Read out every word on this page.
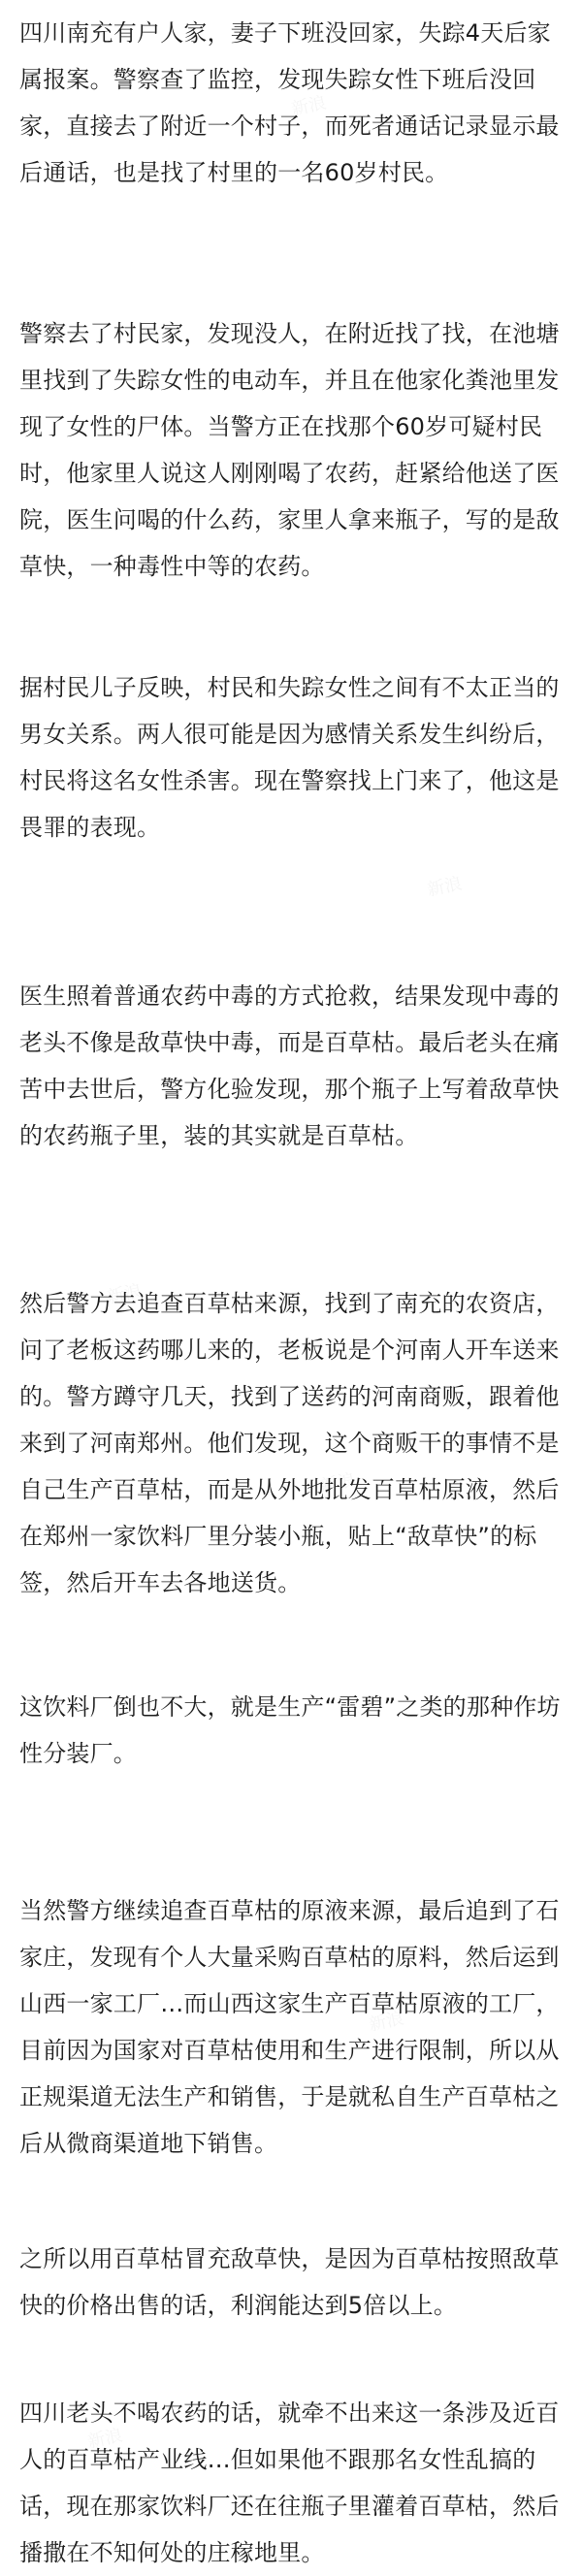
四川南充有户人家，妻子下班没回家，失踪4天后家属报案。警察查了监控，发现失踪女性下班后没回家，直接去了附近一个村子，而死者通话记录显示最后通话，也是找了村里的一名60岁村民。

警察去了村民家，发现没人，在附近找了找，在池塘里找到了失踪女性的电动车，并且在他家化粪池里发现了女性的尸体。当警方正在找那个60岁可疑村民时，他家里人说这人刚刚喝了农药，赶紧给他送了医院，医生问喝的什么药，家里人拿来瓶子，写的是敌草快，一种毒性中等的农药。

据村民儿子反映，村民和失踪女性之间有不太正当的男女关系。两人很可能是因为感情关系发生纠纷后，村民将这名女性杀害。现在警察找上门来了，他这是畏罪的表现。

医生照着普通农药中毒的方式抢救，结果发现中毒的老头不像是敌草快中毒，而是百草枯。最后老头在痛苦中去世后，警方化验发现，那个瓶子上写着敌草快的农药瓶子里，装的其实就是百草枯。

然后警方去追查百草枯来源，找到了南充的农资店，问了老板这药哪儿来的，老板说是个河南人开车送来的。警方蹲守几天，找到了送药的河南商贩，跟着他来到了河南郑州。他们发现，这个商贩干的事情不是自己生产百草枯，而是从外地批发百草枯原液，然后在郑州一家饮料厂里分装小瓶，贴上“敌草快”的标签，然后开车去各地送货。

这饮料厂倒也不大，就是生产“雷碧”之类的那种作坊性分装厂。

当然警方继续追查百草枯的原液来源，最后追到了石家庄，发现有个人大量采购百草枯的原料，然后运到山西一家工厂…而山西这家生产百草枯原液的工厂，目前因为国家对百草枯使用和生产进行限制，所以从正规渠道无法生产和销售，于是就私自生产百草枯之后从微商渠道地下销售。

之所以用百草枯冒充敌草快，是因为百草枯按照敌草快的价格出售的话，利润能达到5倍以上。

四川老头不喝农药的话，就牵不出来这一条涉及近百人的百草枯产业线…但如果他不跟那名女性乱搞的话，现在那家饮料厂还在往瓶子里灌着百草枯，然后播撒在不知何处的庄稼地里。
